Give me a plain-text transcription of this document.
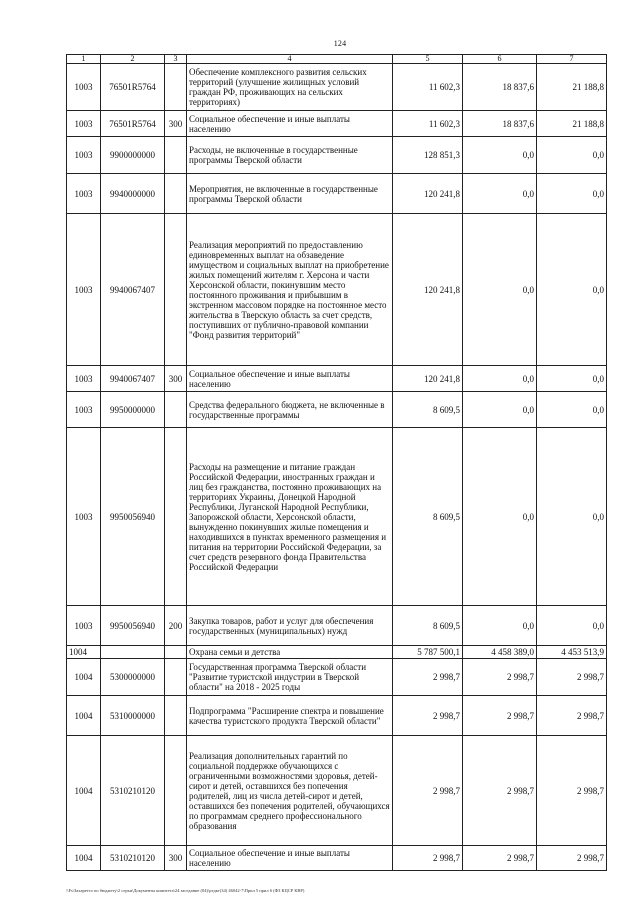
124
1	2	3	4	5	6	7
1003	76501R5764		Обеспечение комплексного развития сельских территорий (улучшение жилищных условий граждан РФ, проживающих на сельских территориях)	11 602,3	18 837,6	21 188,8
1003	76501R5764	300	Социальное обеспечение и иные выплаты населению	11 602,3	18 837,6	21 188,8
1003	9900000000		Расходы, не включенные в государственные программы Тверской области	128 851,3	0,0	0,0
1003	9940000000		Мероприятия, не включенные в государственные программы Тверской области	120 241,8	0,0	0,0
1003	9940067407		Реализация мероприятий по предоставлению единовременных выплат на обзаведение имуществом и социальных выплат на приобретение жилых помещений жителям г. Херсона и части Херсонской области, покинувшим место постоянного проживания и прибывшим в экстренном массовом порядке на постоянное место жительства в Тверскую область за счет средств, поступивших от публично-правовой компании "Фонд развития территорий"	120 241,8	0,0	0,0
1003	9940067407	300	Социальное обеспечение и иные выплаты населению	120 241,8	0,0	0,0
1003	9950000000		Средства федерального бюджета, не включенные в государственные программы	8 609,5	0,0	0,0
1003	9950056940		Расходы на размещение и питание граждан Российской Федерации, иностранных граждан и лиц без гражданства, постоянно проживающих на территориях Украины, Донецкой Народной Республики, Луганской Народной Республики, Запорожской области, Херсонской области, вынужденно покинувших жилые помещения и находившихся в пунктах временного размещения и питания на территории Российской Федерации, за счет средств резервного фонда Правительства Российской Федерации	8 609,5	0,0	0,0
1003	9950056940	200	Закупка товаров, работ и услуг для обеспечения государственных (муниципальных) нужд	8 609,5	0,0	0,0
1004			Охрана семьи и детства	5 787 500,1	4 458 389,0	4 453 513,9
1004	5300000000		Государственная программа Тверской области "Развитие туристской индустрии в Тверской области" на 2018 - 2025 годы	2 998,7	2 998,7	2 998,7
1004	5310000000		Подпрограмма "Расширение спектра и повышение качества туристского продукта Тверской области"	2 998,7	2 998,7	2 998,7
1004	5310210120		Реализация дополнительных гарантий по социальной поддержке обучающихся с ограниченными возможностями здоровья, детей-сирот и детей, оставшихся без попечения родителей, лиц из числа детей-сирот и детей, оставшихся без попечения родителей, обучающихся по программам среднего профессионального образования	2 998,7	2 998,7	2 998,7
1004	5310210120	300	Социальное обеспечение и иные выплаты населению	2 998,7	2 998,7	2 998,7
\\Fs\Захаретто по бюджету\2 серьи\Документы комитета\24 заседание (04)\ртдкт(34) 46042-7\Прил 5 прил 6 (ФЗ КЦСР КВР)
